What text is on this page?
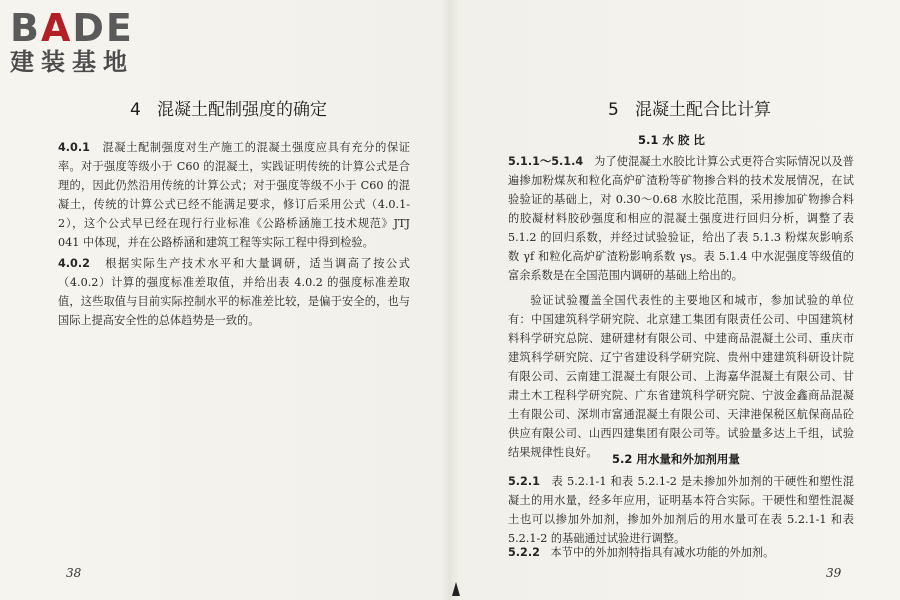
BADE
建装基地
4 混凝土配制强度的确定
4.0.1 混凝土配制强度对生产施工的混凝土强度应具有充分的保证率。对于强度等级小于 C60 的混凝土，实践证明传统的计算公式是合理的，因此仍然沿用传统的计算公式；对于强度等级不小于 C60 的混凝土，传统的计算公式已经不能满足要求，修订后采用公式（4.0.1-2），这个公式早已经在现行行业标准《公路桥涵施工技术规范》JTJ 041 中体现，并在公路桥涵和建筑工程等实际工程中得到检验。
4.0.2 根据实际生产技术水平和大量调研，适当调高了按公式（4.0.2）计算的强度标准差取值，并给出表 4.0.2 的强度标准差取值，这些取值与目前实际控制水平的标准差比较，是偏于安全的，也与国际上提高安全性的总体趋势是一致的。
38
5 混凝土配合比计算
5.1 水 胶 比
5.1.1～5.1.4 为了使混凝土水胶比计算公式更符合实际情况以及普遍掺加粉煤灰和粒化高炉矿渣粉等矿物掺合料的技术发展情况，在试验验证的基础上，对 0.30～0.68 水胶比范围，采用掺加矿物掺合料的胶凝材料胶砂强度和相应的混凝土强度进行回归分析，调整了表 5.1.2 的回归系数，并经过试验验证，给出了表 5.1.3 粉煤灰影响系数 γf 和粒化高炉矿渣粉影响系数 γs。表 5.1.4 中水泥强度等级值的富余系数是在全国范围内调研的基础上给出的。
验证试验覆盖全国代表性的主要地区和城市，参加试验的单位有：中国建筑科学研究院、北京建工集团有限责任公司、中国建筑材料科学研究总院、建研建材有限公司、中建商品混凝土公司、重庆市建筑科学研究院、辽宁省建设科学研究院、贵州中建建筑科研设计院有限公司、云南建工混凝土有限公司、上海嘉华混凝土有限公司、甘肃土木工程科学研究院、广东省建筑科学研究院、宁波金鑫商品混凝土有限公司、深圳市富通混凝土有限公司、天津港保税区航保商品砼供应有限公司、山西四建集团有限公司等。试验量多达上千组，试验结果规律性良好。	5.2 用水量和外加剂用量
5.2.1 表 5.2.1-1 和表 5.2.1-2 是未掺加外加剂的干硬性和塑性混凝土的用水量，经多年应用，证明基本符合实际。干硬性和塑性混凝土也可以掺加外加剂，掺加外加剂后的用水量可在表 5.2.1-1 和表 5.2.1-2 的基础通过试验进行调整。
5.2.2 本节中的外加剂特指具有减水功能的外加剂。
39
